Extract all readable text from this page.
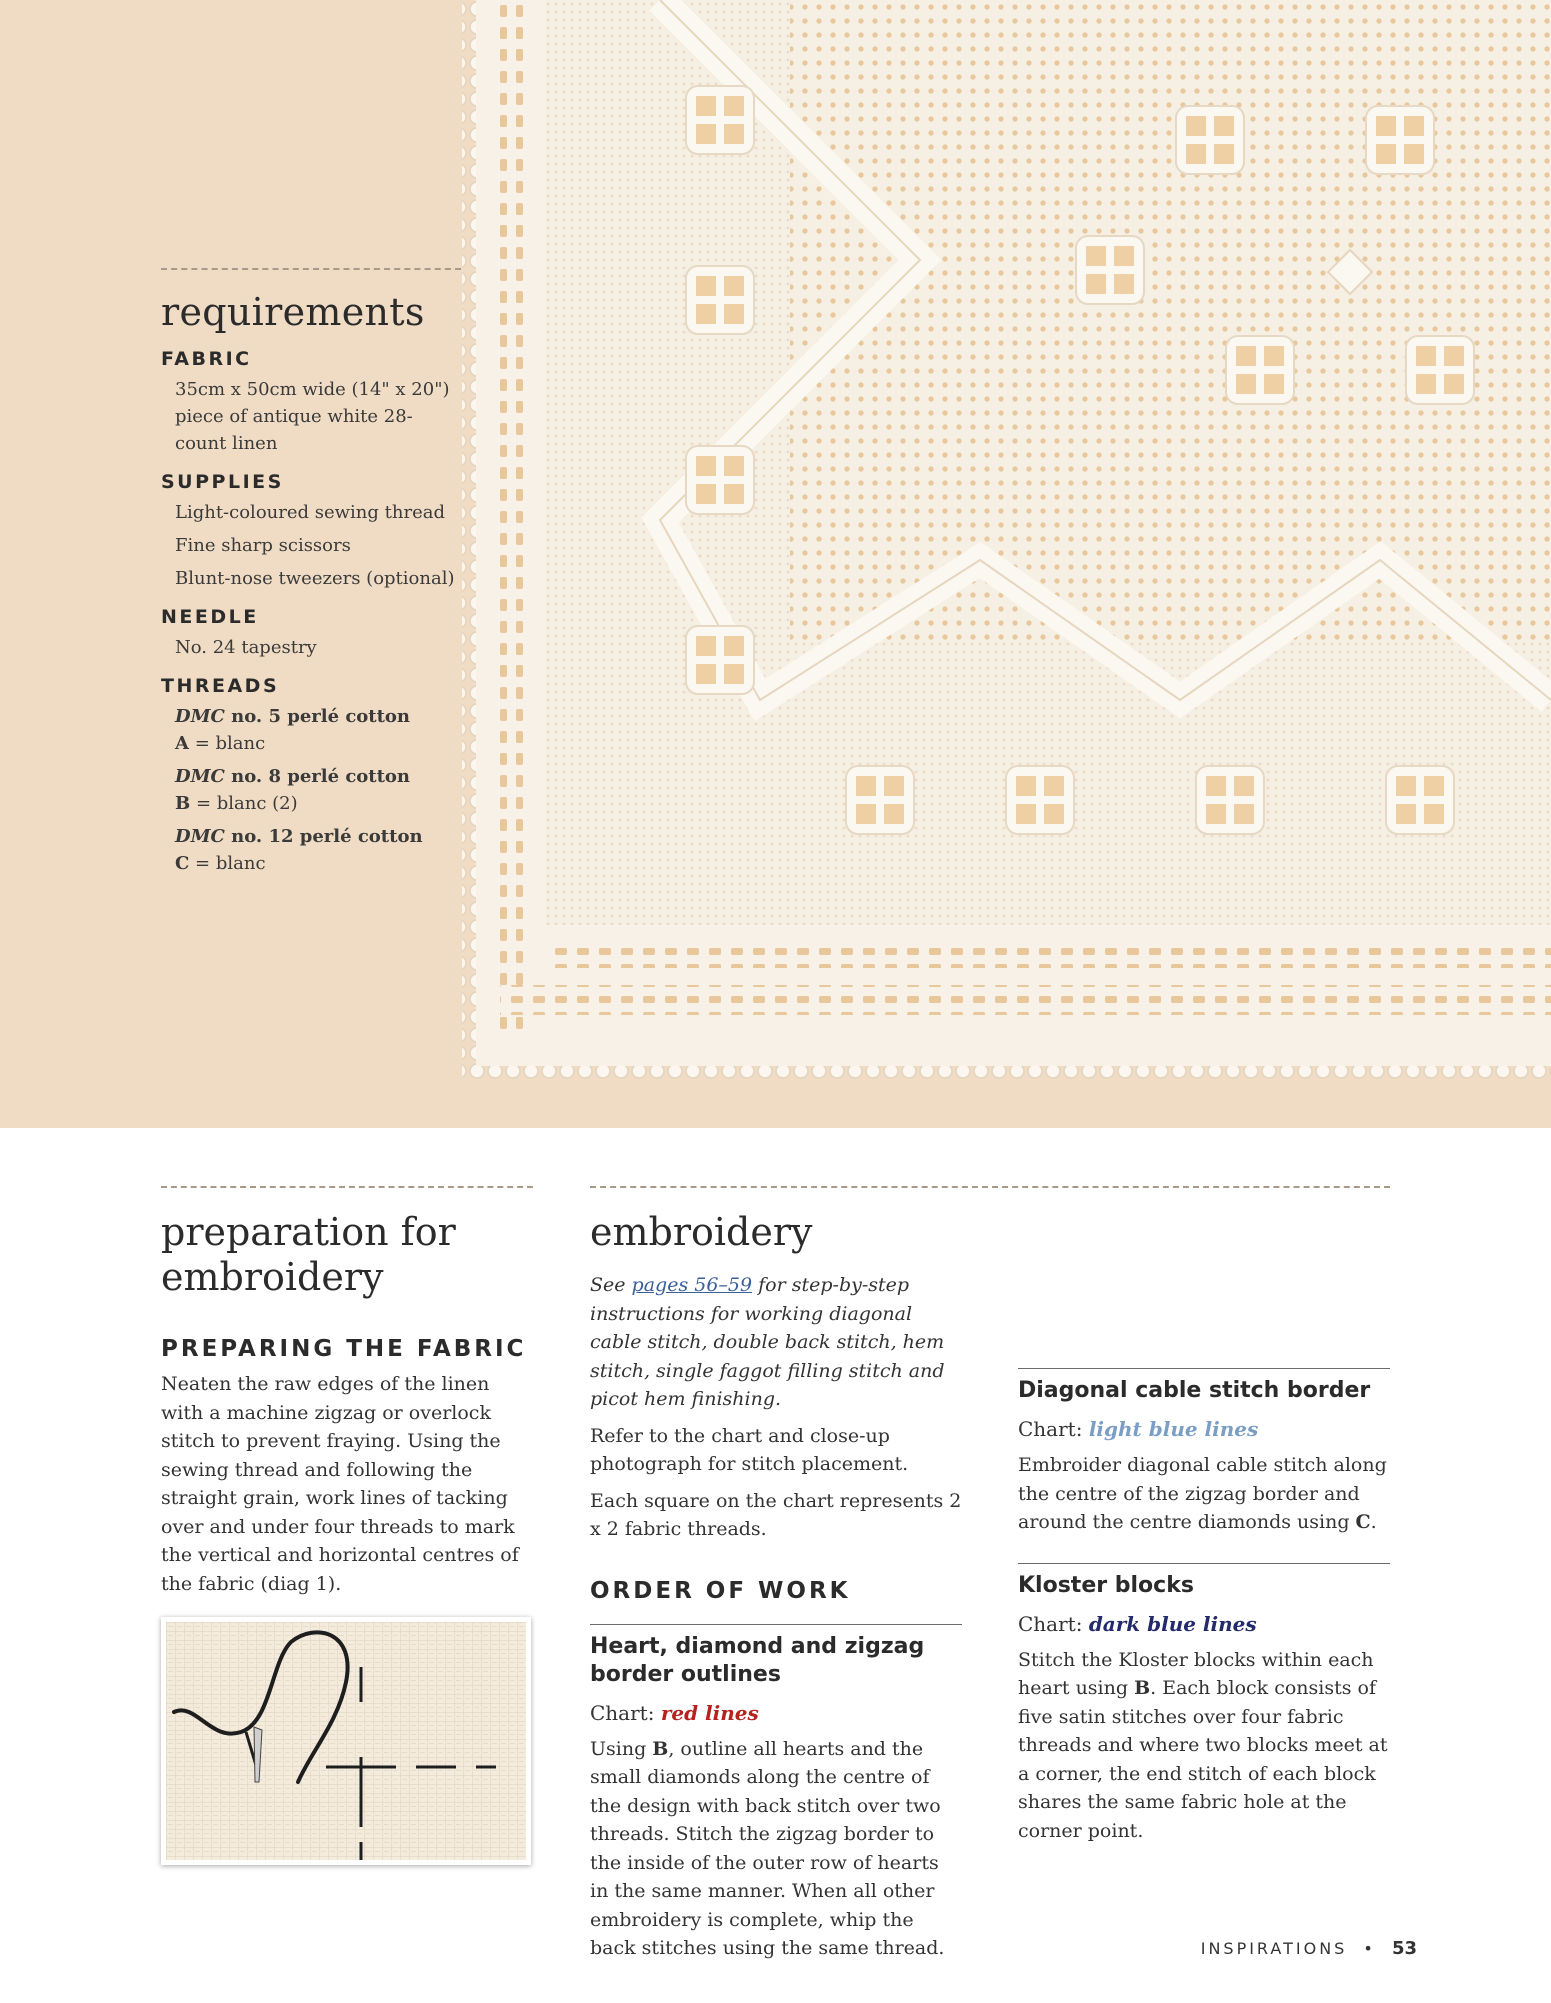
requirements
FABRIC
35cm x 50cm wide (14" x 20") piece of antique white 28-count linen
SUPPLIES
Light-coloured sewing thread
Fine sharp scissors
Blunt-nose tweezers (optional)
NEEDLE
No. 24 tapestry
THREADS
DMC no. 5 perlé cotton
A = blanc
DMC no. 8 perlé cotton
B = blanc (2)
DMC no. 12 perlé cotton
C = blanc
preparation for
embroidery

PREPARING THE FABRIC

Neaten the raw edges of the linen with a machine zigzag or overlock stitch to prevent fraying. Using the sewing thread and following the straight grain, work lines of tacking over and under four threads to mark the vertical and horizontal centres of the fabric (diag 1).

embroidery

See pages 56–59 for step-by-step instructions for working diagonal cable stitch, double back stitch, hem stitch, single faggot filling stitch and picot hem finishing.

Refer to the chart and close-up photograph for stitch placement.

Each square on the chart represents 2 x 2 fabric threads.

ORDER OF WORK

Heart, diamond and zigzag border outlines

Chart: red lines

Using B, outline all hearts and the small diamonds along the centre of the design with back stitch over two threads. Stitch the zigzag border to the inside of the outer row of hearts in the same manner. When all other embroidery is complete, whip the back stitches using the same thread.

Diagonal cable stitch border

Chart: light blue lines

Embroider diagonal cable stitch along the centre of the zigzag border and around the centre diamonds using C.

Kloster blocks

Chart: dark blue lines

Stitch the Kloster blocks within each heart using B. Each block consists of five satin stitches over four fabric threads and where two blocks meet at a corner, the end stitch of each block shares the same fabric hole at the corner point.

INSPIRATIONS • 53
